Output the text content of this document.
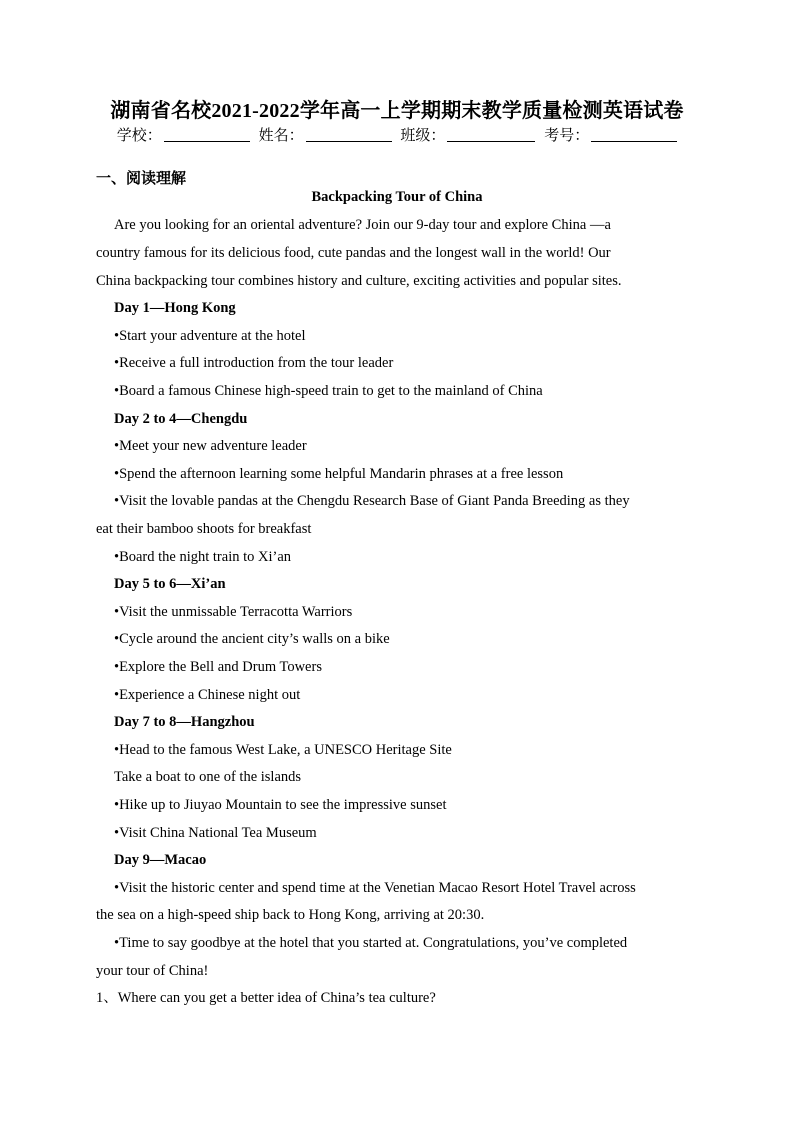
湖南省名校2021-2022学年高一上学期期末教学质量检测英语试卷
学校：	姓名：	班级：	考号：
一、阅读理解
Backpacking Tour of China
Are you looking for an oriental adventure? Join our 9-day tour and explore China —a
country famous for its delicious food, cute pandas and the longest wall in the world! Our
China backpacking tour combines history and culture, exciting activities and popular sites.
Day 1—Hong Kong
•Start your adventure at the hotel
•Receive a full introduction from the tour leader
•Board a famous Chinese high-speed train to get to the mainland of China
Day 2 to 4—Chengdu
•Meet your new adventure leader
•Spend the afternoon learning some helpful Mandarin phrases at a free lesson
•Visit the lovable pandas at the Chengdu Research Base of Giant Panda Breeding as they
eat their bamboo shoots for breakfast
•Board the night train to Xi’an
Day 5 to 6—Xi’an
•Visit the unmissable Terracotta Warriors
•Cycle around the ancient city’s walls on a bike
•Explore the Bell and Drum Towers
•Experience a Chinese night out
Day 7 to 8—Hangzhou
•Head to the famous West Lake, a UNESCO Heritage Site
Take a boat to one of the islands
•Hike up to Jiuyao Mountain to see the impressive sunset
•Visit China National Tea Museum
Day 9—Macao
•Visit the historic center and spend time at the Venetian Macao Resort Hotel Travel across
the sea on a high-speed ship back to Hong Kong, arriving at 20:30.
•Time to say goodbye at the hotel that you started at. Congratulations, you’ve completed
your tour of China!
1、Where can you get a better idea of China’s tea culture?
